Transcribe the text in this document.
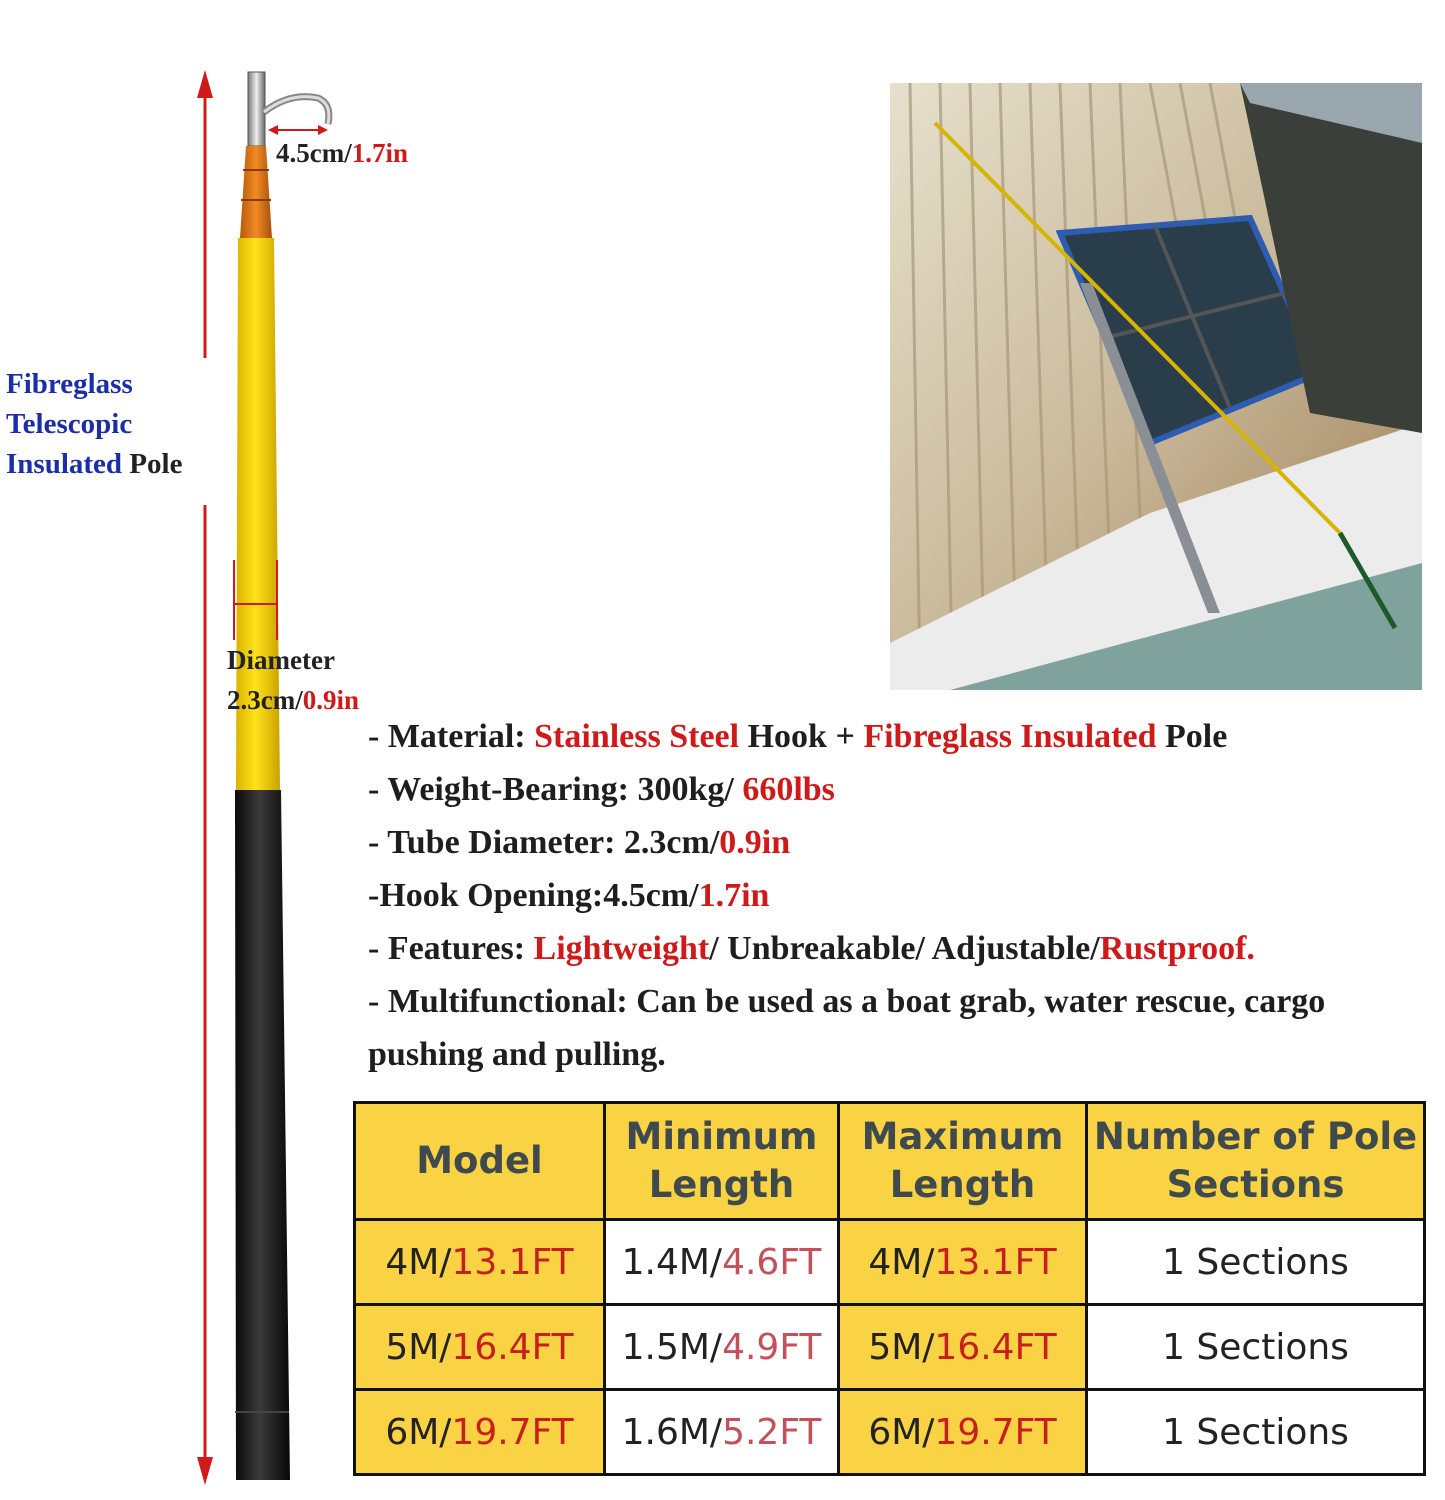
Fibreglass
Telescopic
Insulated Pole
4.5cm/1.7in
Diameter
2.3cm/0.9in
- Material: Stainless Steel Hook + Fibreglass Insulated Pole
- Weight-Bearing: 300kg/ 660lbs
- Tube Diameter: 2.3cm/0.9in
-Hook Opening:4.5cm/1.7in
- Features: Lightweight/ Unbreakable/ Adjustable/Rustproof.
- Multifunctional: Can be used as a boat grab, water rescue, cargo pushing and pulling.
Model	Minimum Length	Maximum Length	Number of Pole Sections
4M/13.1FT	1.4M/4.6FT	4M/13.1FT	1 Sections
5M/16.4FT	1.5M/4.9FT	5M/16.4FT	1 Sections
6M/19.7FT	1.6M/5.2FT	6M/19.7FT	1 Sections
